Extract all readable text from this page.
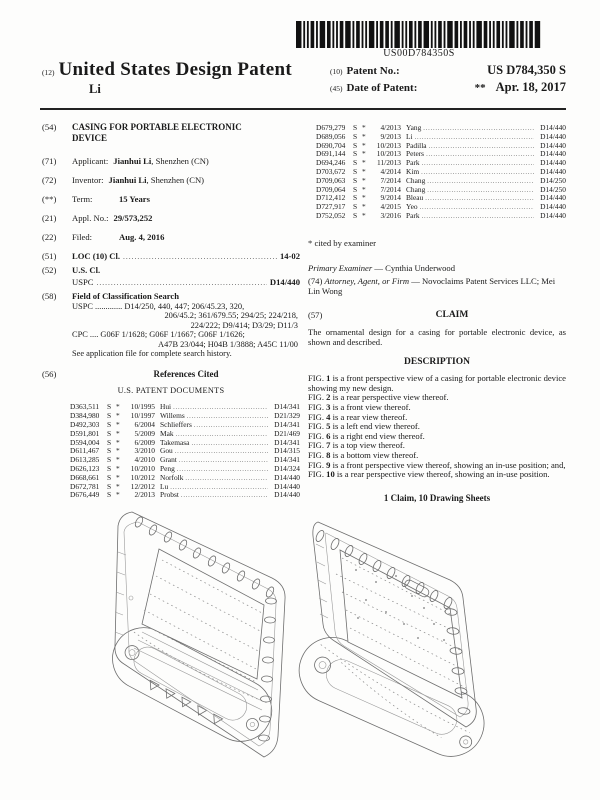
US00D784350S
(12) United States Design Patent
Li
(10) Patent No.:	US D784,350 S
(45) Date of Patent:	** Apr. 18, 2017
(54)	CASING FOR PORTABLE ELECTRONIC DEVICE
(71)	Applicant: Jianhui Li , Shenzhen (CN)
(72)	Inventor: Jianhui Li , Shenzhen (CN)
(**)	Term:	15 Years
(21)	Appl. No.: 29/573,252
(22)	Filed:	Aug. 4, 2016
(51)	LOC (10) Cl. .....	14-02
(52)	U.S. Cl.
USPC .....	D14/440
(58)	Field of Classification Search
USPC ............. D14/250, 440, 447; 206/45.23, 320,
206/45.2; 361/679.55; 294/25; 224/218,
224/222; D9/414; D3/29; D11/3
CPC .... G06F 1/1628; G06F 1/1667; G06F 1/1626;
A47B 23/044; H04B 1/3888; A45C 11/00
See application file for complete search history.
(56)	References Cited
U.S. PATENT DOCUMENTS
D363,511	S *	10/1995 Hui .....	D14/341
D384,980	S *	10/1997 Willems .....	D21/329
D492,303	S *	6/2004 Schlieffers .....	D14/341
D591,801	S *	5/2009 Mak .....	D21/469
D594,004	S *	6/2009 Takemasa .....	D14/341
D611,467	S *	3/2010 Gou .....	D14/315
D613,285	S *	4/2010 Grant .....	D14/341
D626,123	S *	10/2010 Peng .....	D14/324
D668,661	S *	10/2012 Norfolk .....	D14/440
D672,781	S *	12/2012 Lu .....	D14/440
D676,449	S *	2/2013 Probst .....	D14/440
D679,279	S *	4/2013 Yang .....	D14/440
D689,056	S *	9/2013 Li .....	D14/440
D690,704	S *	10/2013 Padilla .....	D14/440
D691,144	S *	10/2013 Peters .....	D14/440
D694,246	S *	11/2013 Park .....	D14/440
D703,672	S *	4/2014 Kim .....	D14/440
D709,063	S *	7/2014 Chang .....	D14/250
D709,064	S *	7/2014 Chang .....	D14/250
D712,412	S *	9/2014 Bleau .....	D14/440
D727,917	S *	4/2015 Yeo .....	D14/440
D752,052	S *	3/2016 Park .....	D14/440
* cited by examiner
Primary Examiner — Cynthia Underwood
(74) Attorney, Agent, or Firm — Novoclaims Patent Services LLC; Mei Lin Wong
(57)	CLAIM
The ornamental design for a casing for portable electronic device, as shown and described.
DESCRIPTION

FIG. 1 is a front perspective view of a casing for portable electronic device showing my new design.

FIG. 2 is a rear perspective view thereof.

FIG. 3 is a front view thereof.

FIG. 4 is a rear view thereof.

FIG. 5 is a left end view thereof.

FIG. 6 is a right end view thereof.

FIG. 7 is a top view thereof.

FIG. 8 is a bottom view thereof.

FIG. 9 is a front perspective view thereof, showing an in-use position; and,

FIG. 10 is a rear perspective view thereof, showing an in-use position.

1 Claim, 10 Drawing Sheets
